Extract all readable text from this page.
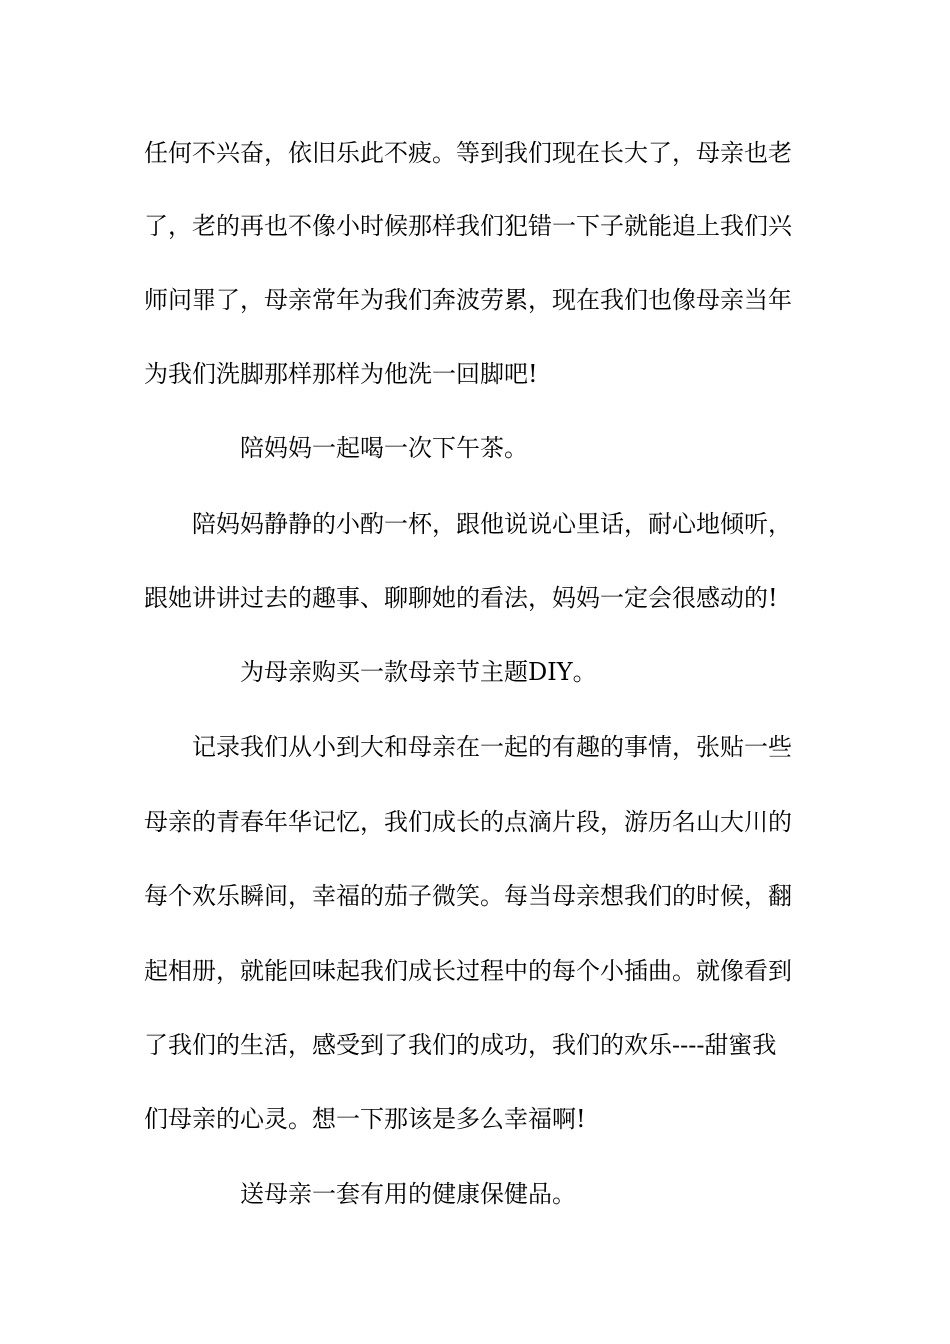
任何不兴奋，依旧乐此不疲。等到我们现在长大了，母亲也老
了，老的再也不像小时候那样我们犯错一下子就能追上我们兴
师问罪了，母亲常年为我们奔波劳累，现在我们也像母亲当年
为我们洗脚那样那样为他洗一回脚吧!
陪妈妈一起喝一次下午茶。
陪妈妈静静的小酌一杯，跟他说说心里话，耐心地倾听，
跟她讲讲过去的趣事、聊聊她的看法，妈妈一定会很感动的!
为母亲购买一款母亲节主题DIY。
记录我们从小到大和母亲在一起的有趣的事情，张贴一些
母亲的青春年华记忆，我们成长的点滴片段，游历名山大川的
每个欢乐瞬间，幸福的茄子微笑。每当母亲想我们的时候，翻
起相册，就能回味起我们成长过程中的每个小插曲。就像看到
了我们的生活，感受到了我们的成功，我们的欢乐----甜蜜我
们母亲的心灵。想一下那该是多么幸福啊!
送母亲一套有用的健康保健品。
